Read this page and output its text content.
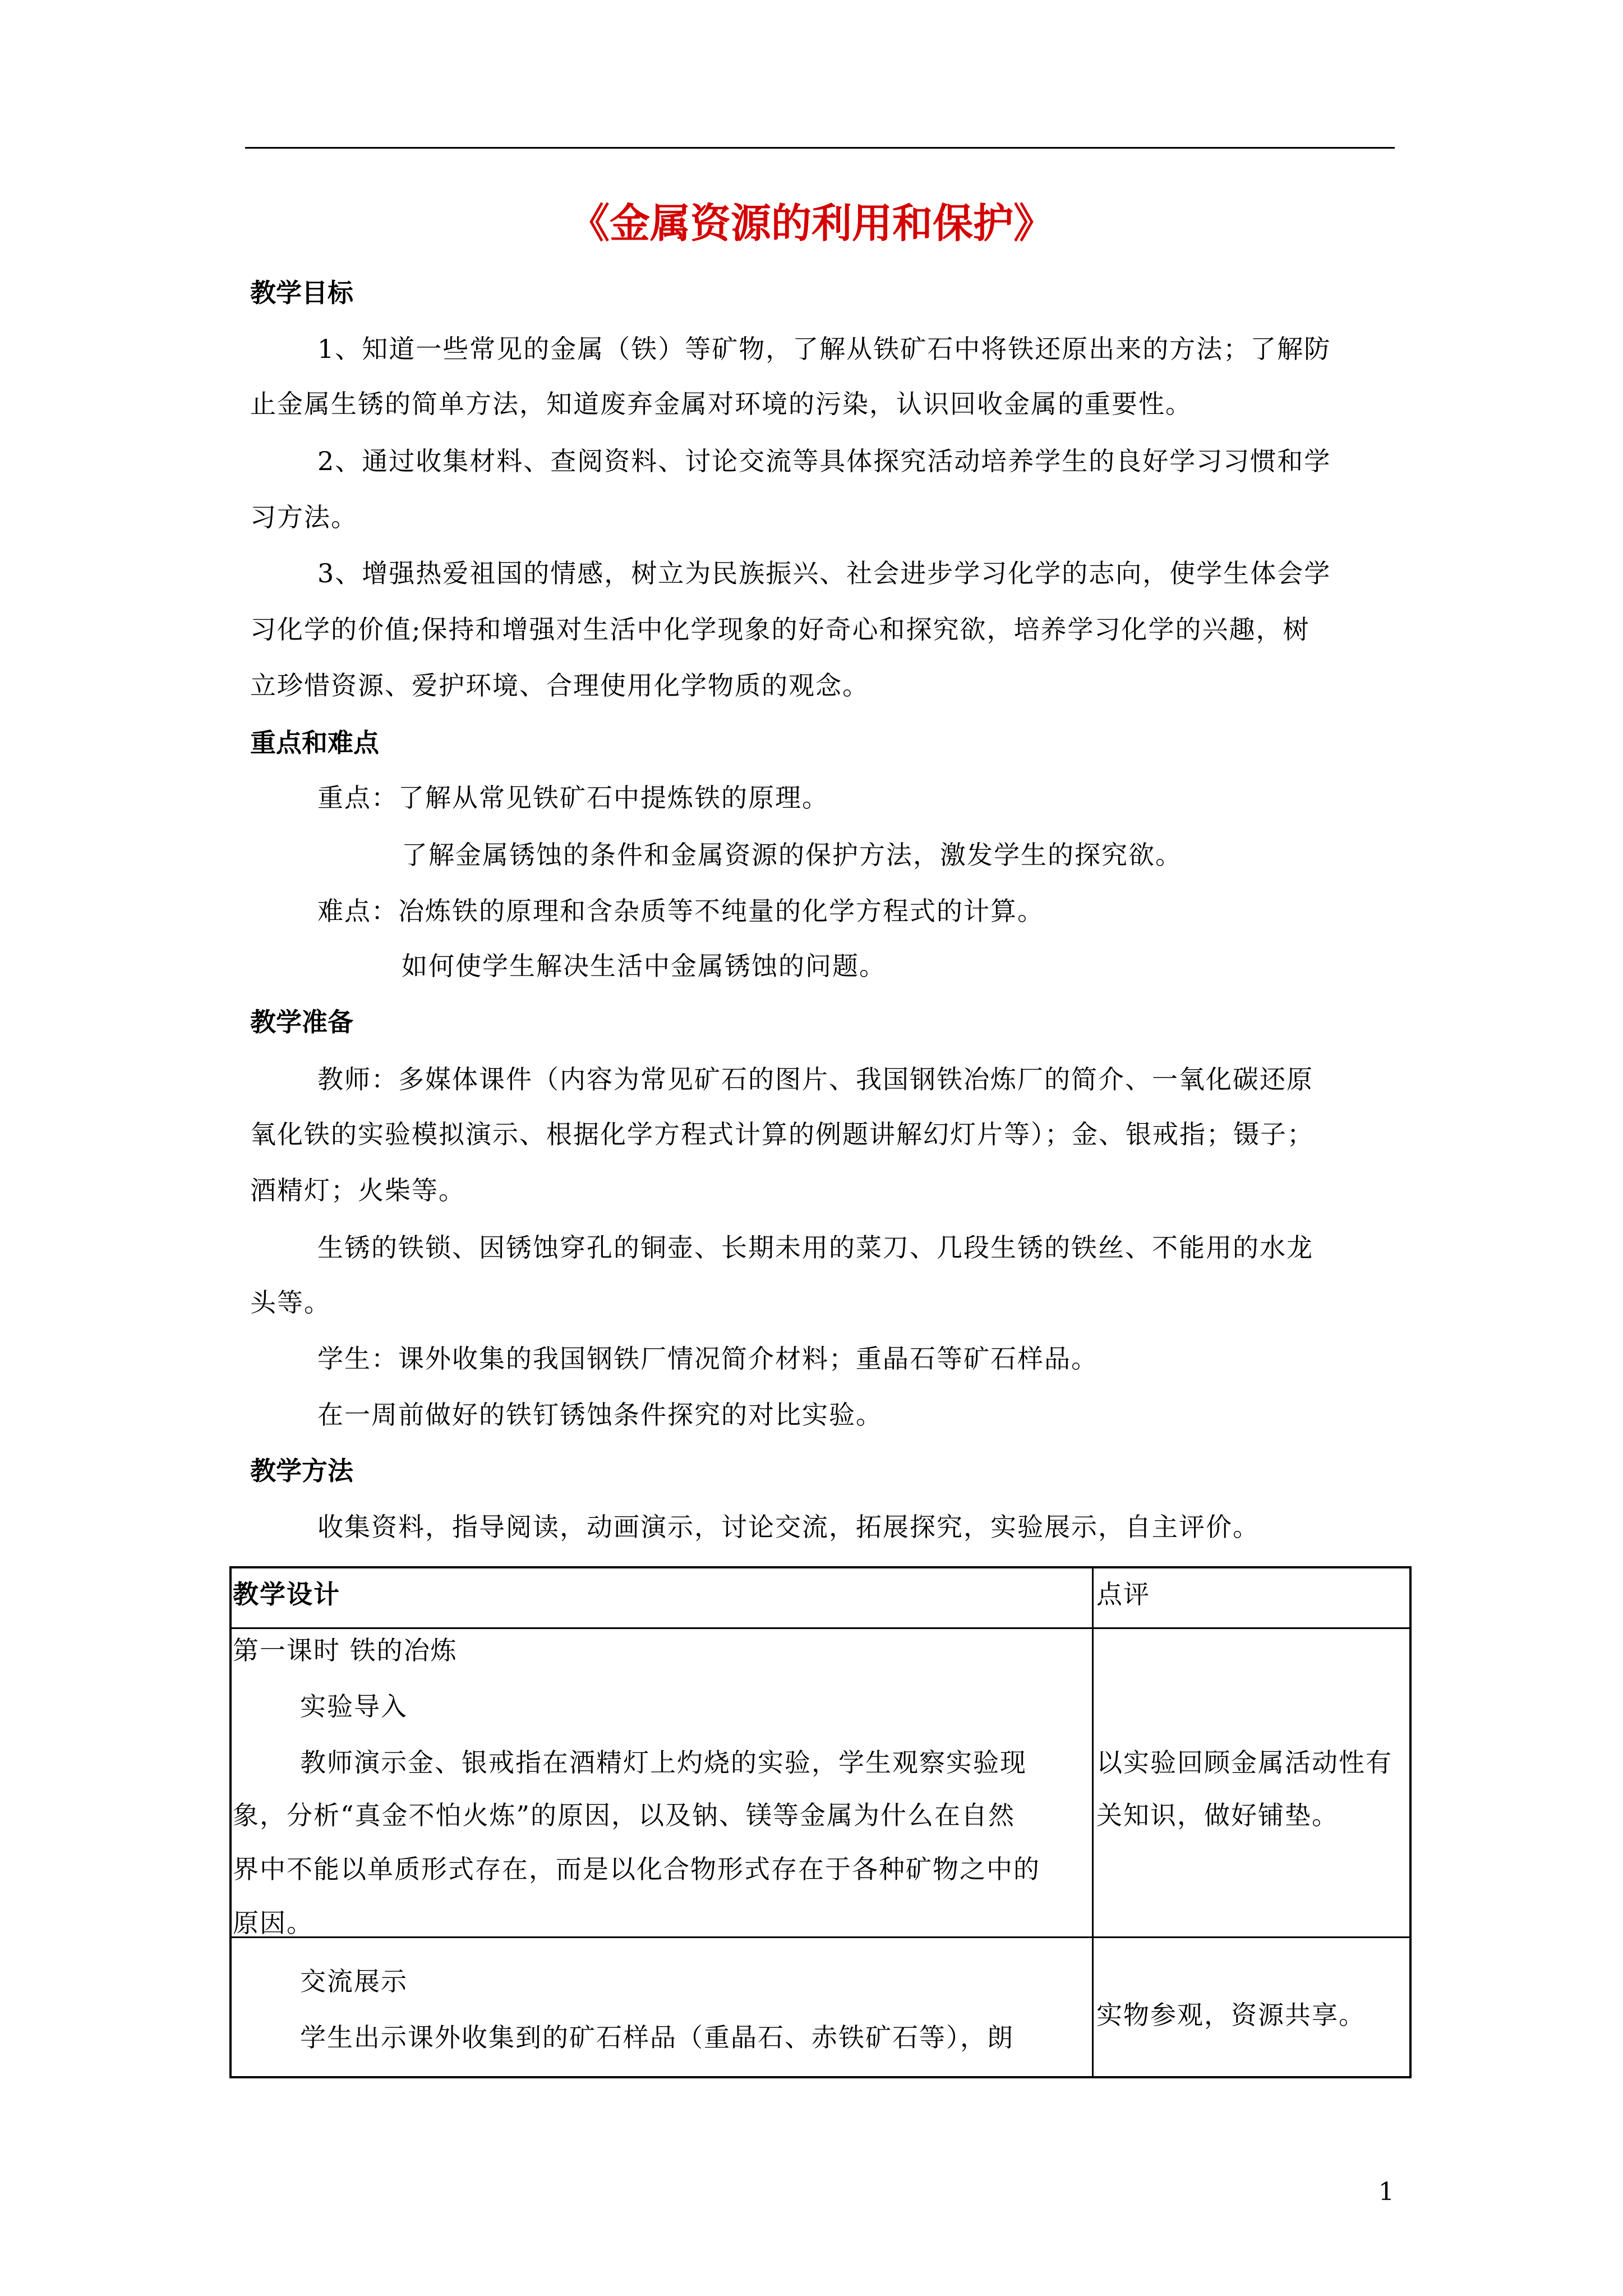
《金属资源的利用和保护》
教学目标
1、知道一些常见的金属（铁）等矿物，了解从铁矿石中将铁还原出来的方法；了解防
止金属生锈的简单方法，知道废弃金属对环境的污染，认识回收金属的重要性。
2、通过收集材料、查阅资料、讨论交流等具体探究活动培养学生的良好学习习惯和学
习方法。
3、增强热爱祖国的情感，树立为民族振兴、社会进步学习化学的志向，使学生体会学
习化学的价值;保持和增强对生活中化学现象的好奇心和探究欲，培养学习化学的兴趣，树
立珍惜资源、爱护环境、合理使用化学物质的观念。
重点和难点
重点：了解从常见铁矿石中提炼铁的原理。
了解金属锈蚀的条件和金属资源的保护方法，激发学生的探究欲。
难点：冶炼铁的原理和含杂质等不纯量的化学方程式的计算。
如何使学生解决生活中金属锈蚀的问题。
教学准备
教师：多媒体课件（内容为常见矿石的图片、我国钢铁冶炼厂的简介、一氧化碳还原
氧化铁的实验模拟演示、根据化学方程式计算的例题讲解幻灯片等）；金、银戒指；镊子；
酒精灯；火柴等。
生锈的铁锁、因锈蚀穿孔的铜壶、长期未用的菜刀、几段生锈的铁丝、不能用的水龙
头等。
学生：课外收集的我国钢铁厂情况简介材料；重晶石等矿石样品。
在一周前做好的铁钉锈蚀条件探究的对比实验。
教学方法
收集资料，指导阅读，动画演示，讨论交流，拓展探究，实验展示，自主评价。
教学设计	点评
第一课时 铁的冶炼
实验导入
教师演示金、银戒指在酒精灯上灼烧的实验，学生观察实验现
象，分析“真金不怕火炼”的原因，以及钠、镁等金属为什么在自然
界中不能以单质形式存在，而是以化合物形式存在于各种矿物之中的
原因。
以实验回顾金属活动性有
关知识，做好铺垫。
交流展示
学生出示课外收集到的矿石样品（重晶石、赤铁矿石等），朗
实物参观，资源共享。
1
